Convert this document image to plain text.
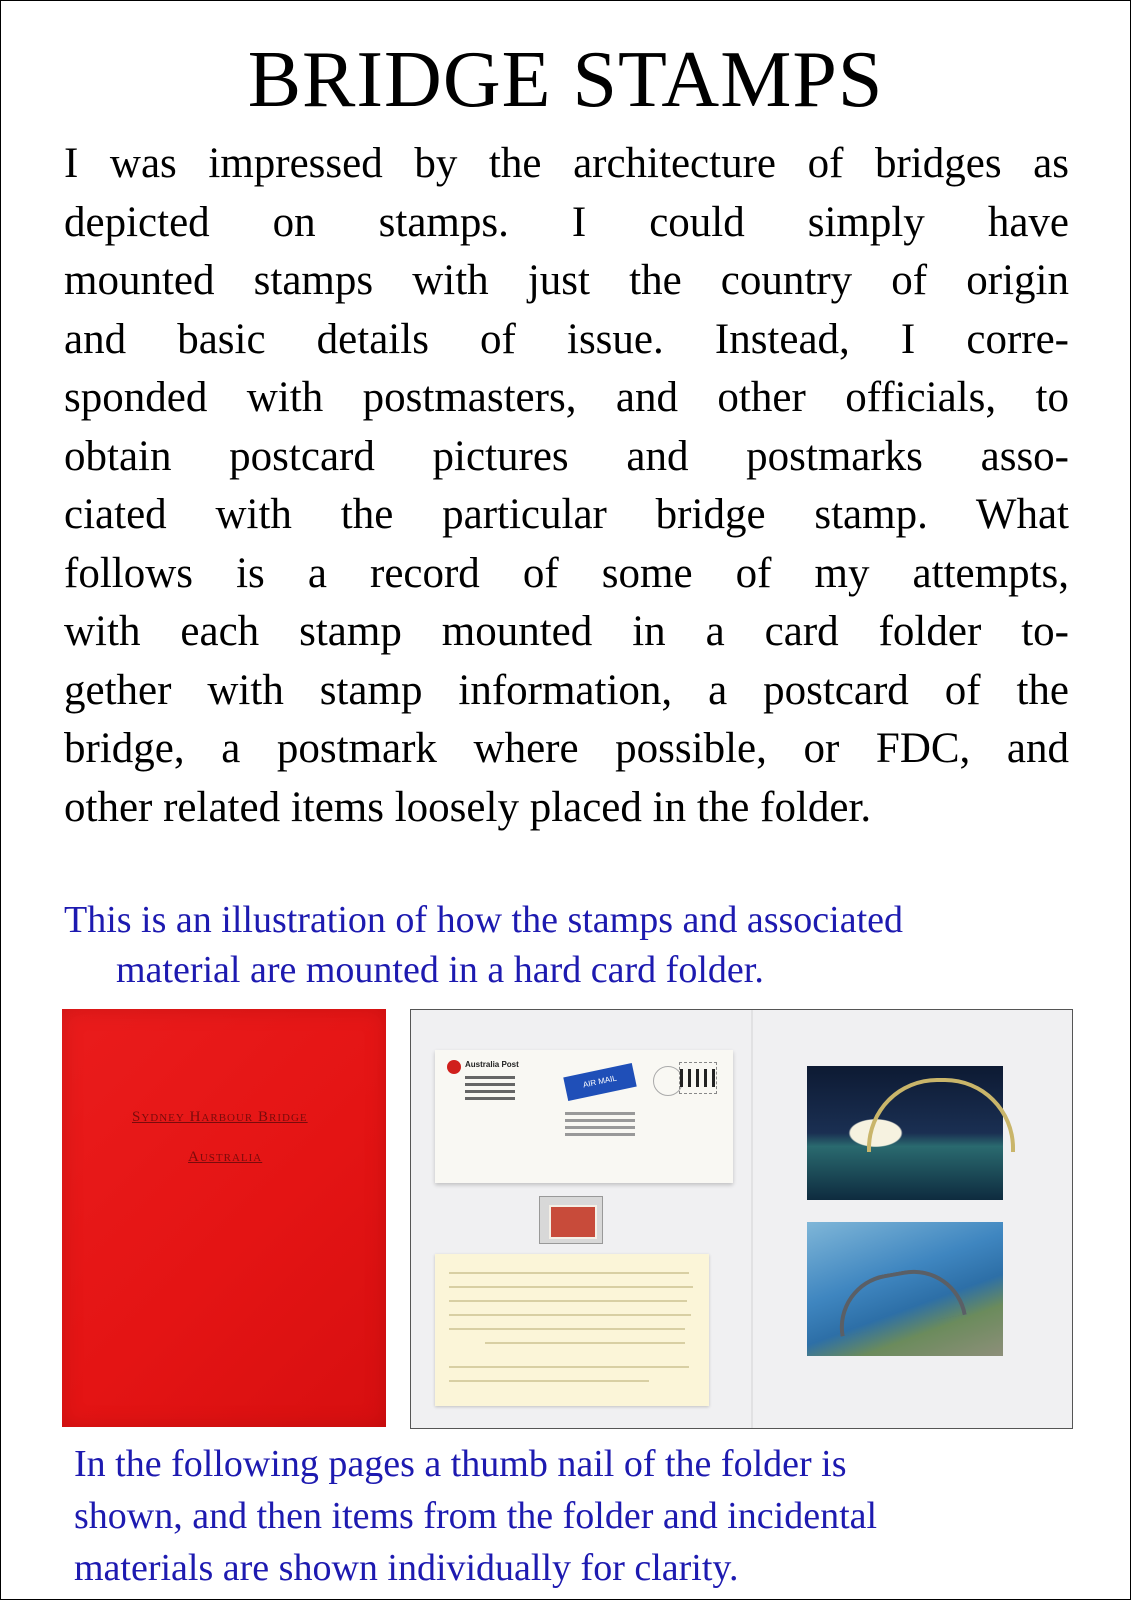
BRIDGE STAMPS
I was impressed by the architecture of bridges as
depicted on stamps. I could simply have
mounted stamps with just the country of origin
and basic details of issue. Instead, I corre-
sponded with postmasters, and other officials, to
obtain postcard pictures and postmarks asso-
ciated with the particular bridge stamp. What
follows is a record of some of my attempts,
with each stamp mounted in a card folder to-
gether with stamp information, a postcard of the
bridge, a postmark where possible, or FDC, and
other related items loosely placed in the folder.
This is an illustration of how the stamps and associated
material are mounted in a hard card folder.
Sydney Harbour Bridge
Australia
Australia Post
AIR MAIL
In the following pages a thumb nail of the folder is
shown, and then items from the folder and incidental
materials are shown individually for clarity.
